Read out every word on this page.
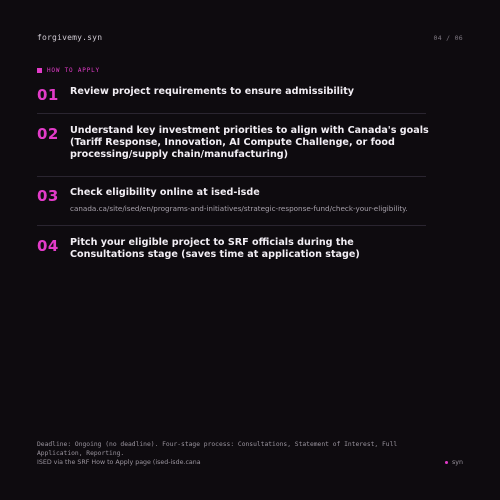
forgivemy.syn	04 / 06
HOW TO APPLY
01 Review project requirements to ensure admissibility
02 Understand key investment priorities to align with Canada's goals (Tariff Response, Innovation, AI Compute Challenge, or food processing/supply chain/manufacturing)
03 Check eligibility online at ised-isde
canada.ca/site/ised/en/programs-and-initiatives/strategic-response-fund/check-your-eligibility.
04 Pitch your eligible project to SRF officials during the Consultations stage (saves time at application stage)
Deadline: Ongoing (no deadline). Four-stage process: Consultations, Statement of Interest, Full Application, Reporting.
ISED via the SRF How to Apply page (ised-isde.cana	syn
